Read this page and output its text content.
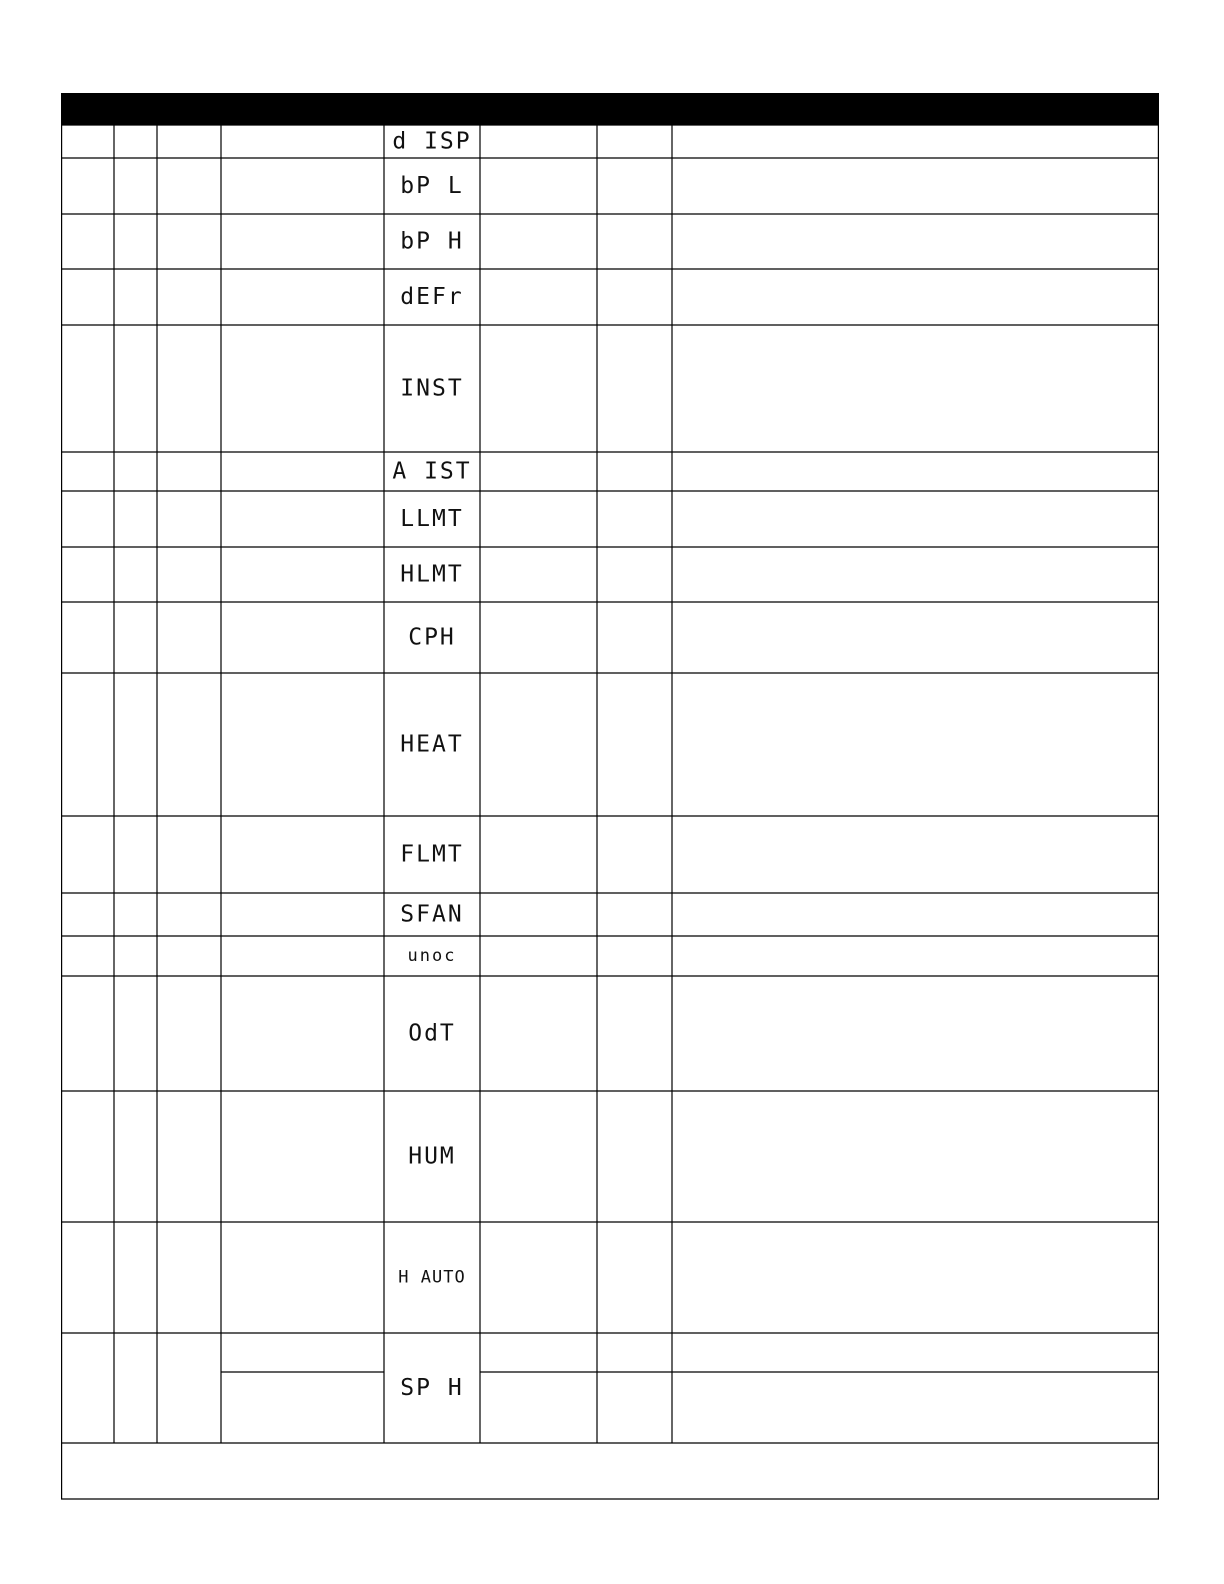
d ISP
bP L
bP H
dEFr
INST
A IST
LLMT
HLMT
CPH
HEAT
FLMT
SFAN
unoc
OdT
HUM
H AUTO
SP H
